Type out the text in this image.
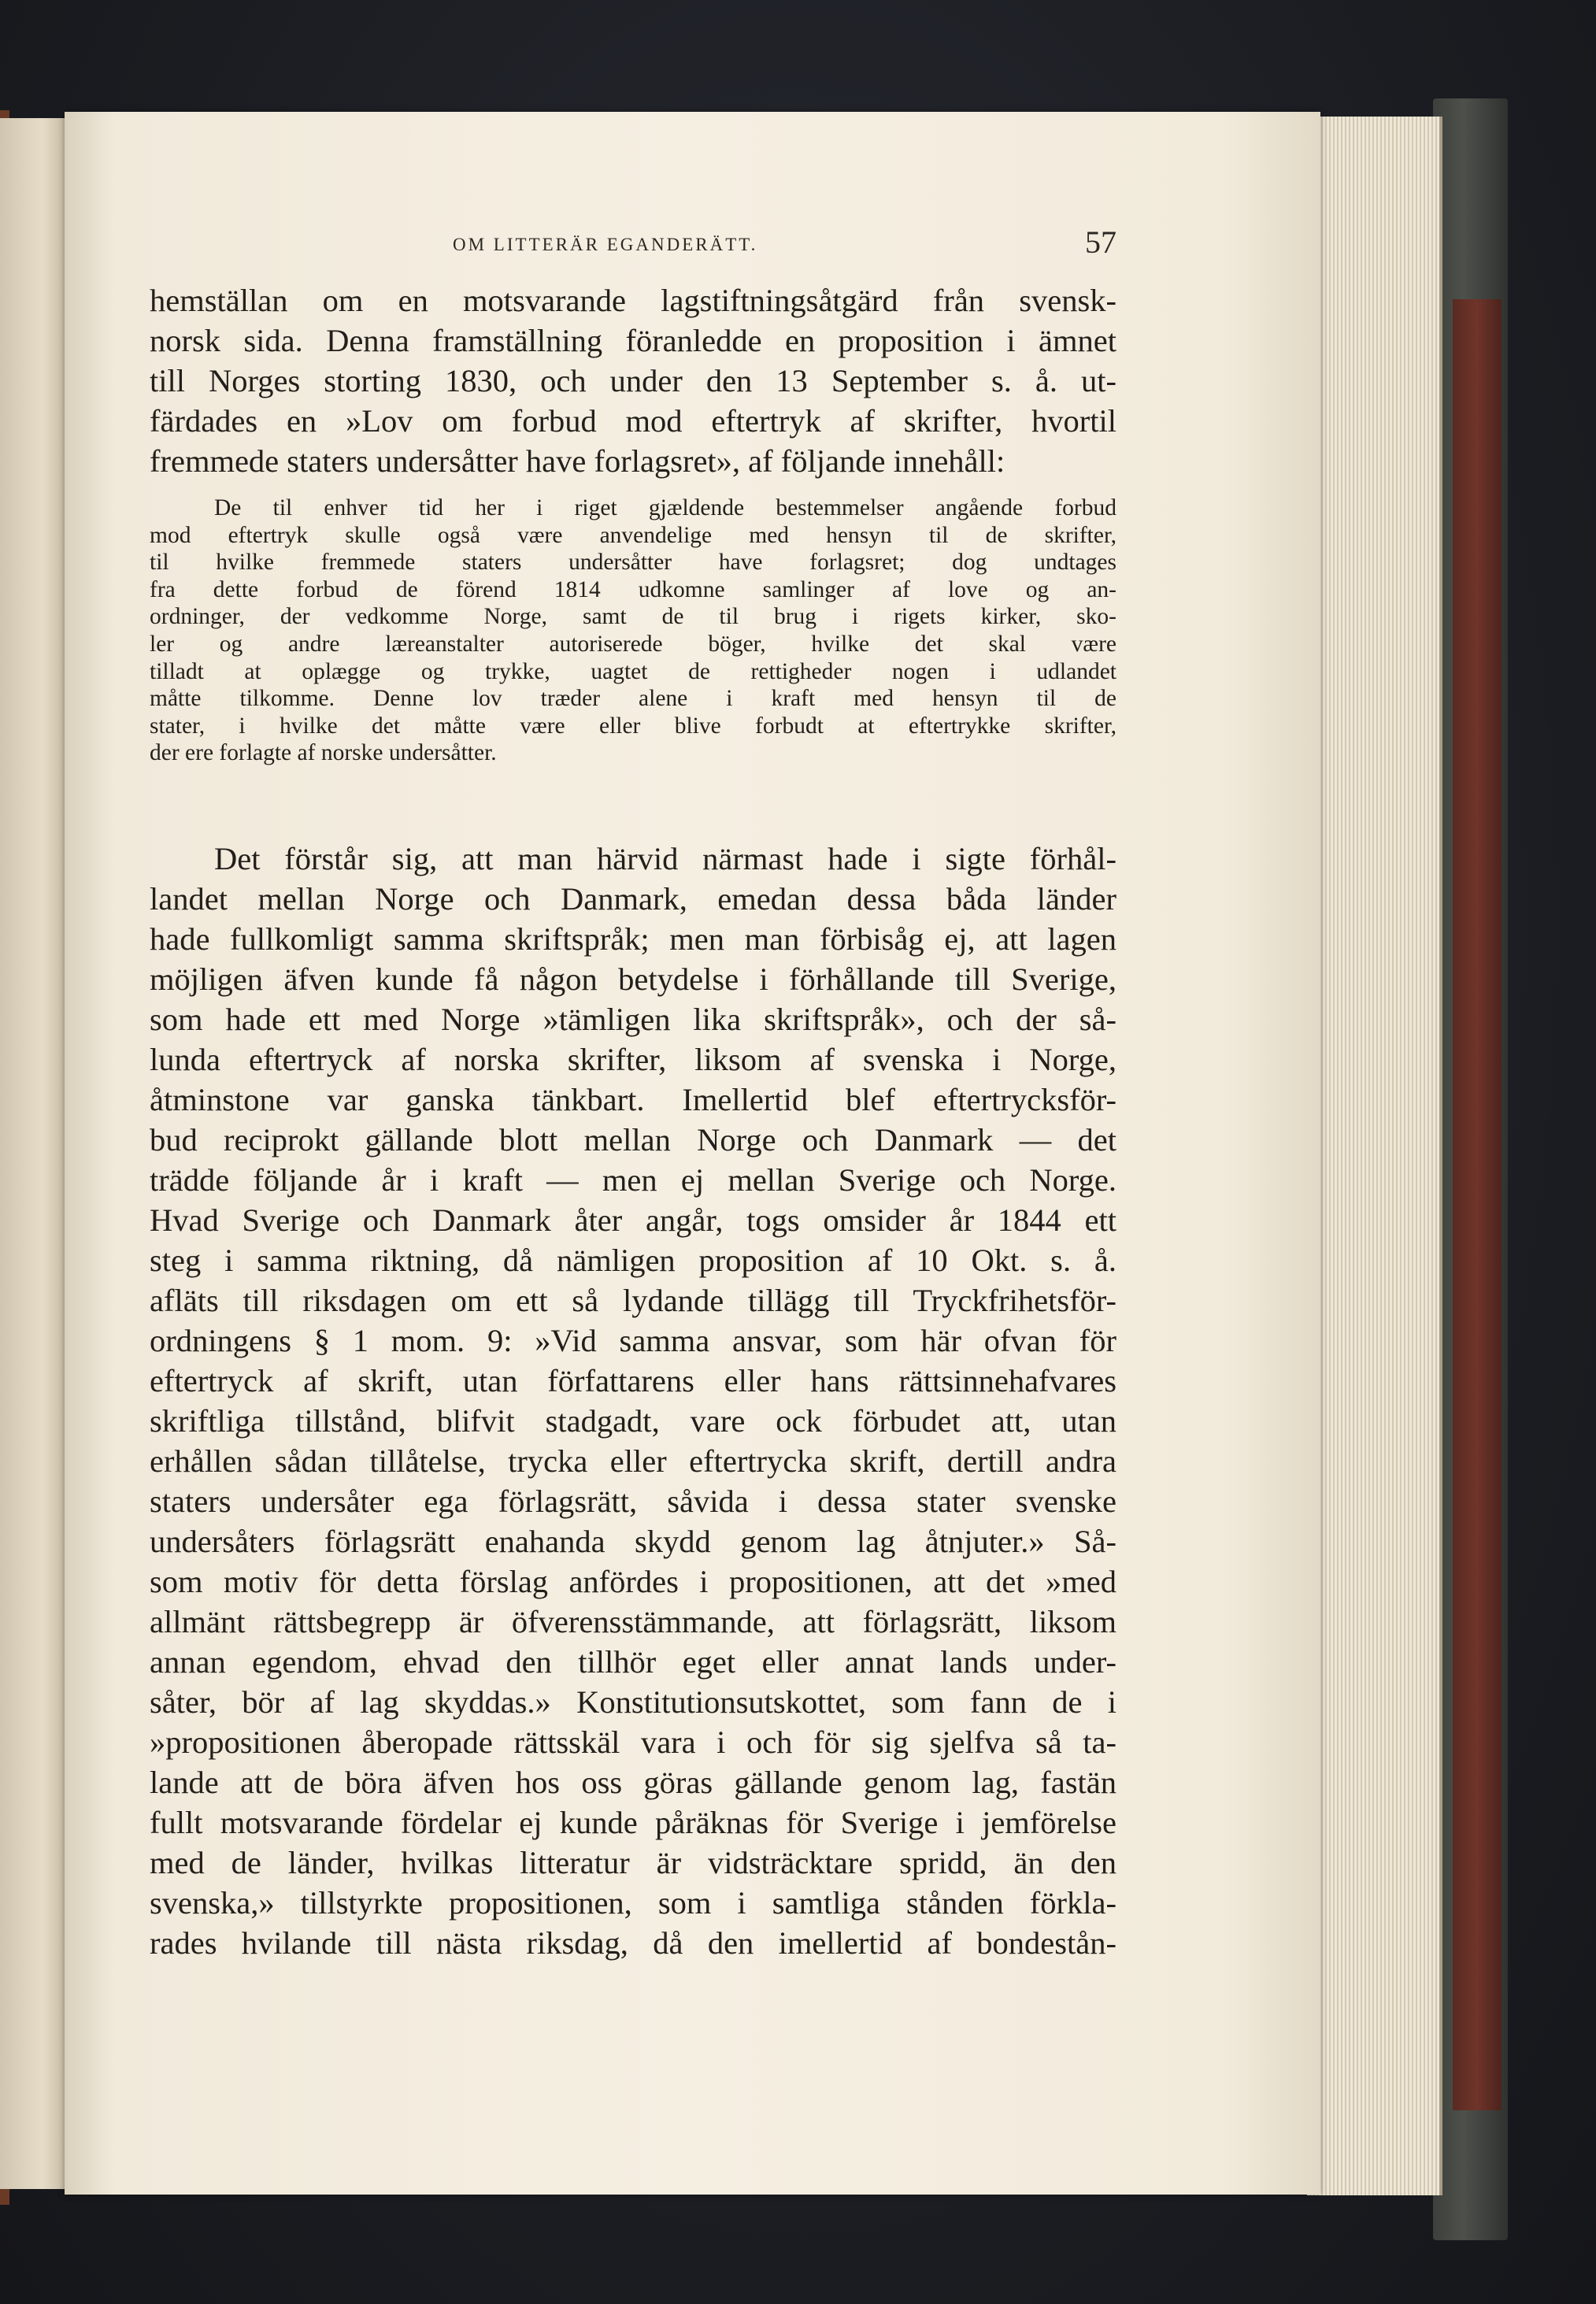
OM LITTERÄR EGANDERÄTT.	57
hemställan om en motsvarande lagstiftningsåtgärd från svensk-
norsk sida. Denna framställning föranledde en proposition i ämnet
till Norges storting 1830, och under den 13 September s. å. ut-
färdades en »Lov om forbud mod eftertryk af skrifter, hvortil
fremmede staters undersåtter have forlagsret», af följande innehåll:
De til enhver tid her i riget gjældende bestemmelser angående forbud
mod eftertryk skulle også være anvendelige med hensyn til de skrifter,
til hvilke fremmede staters undersåtter have forlagsret; dog undtages
fra dette forbud de förend 1814 udkomne samlinger af love og an-
ordninger, der vedkomme Norge, samt de til brug i rigets kirker, sko-
ler og andre læreanstalter autoriserede böger, hvilke det skal være
tilladt at oplægge og trykke, uagtet de rettigheder nogen i udlandet
måtte tilkomme. Denne lov træder alene i kraft med hensyn til de
stater, i hvilke det måtte være eller blive forbudt at eftertrykke skrifter,
der ere forlagte af norske undersåtter.
Det förstår sig, att man härvid närmast hade i sigte förhål-
landet mellan Norge och Danmark, emedan dessa båda länder
hade fullkomligt samma skriftspråk; men man förbisåg ej, att lagen
möjligen äfven kunde få någon betydelse i förhållande till Sverige,
som hade ett med Norge »tämligen lika skriftspråk», och der så-
lunda eftertryck af norska skrifter, liksom af svenska i Norge,
åtminstone var ganska tänkbart. Imellertid blef eftertrycksför-
bud reciprokt gällande blott mellan Norge och Danmark — det
trädde följande år i kraft — men ej mellan Sverige och Norge.
Hvad Sverige och Danmark åter angår, togs omsider år 1844 ett
steg i samma riktning, då nämligen proposition af 10 Okt. s. å.
afläts till riksdagen om ett så lydande tillägg till Tryckfrihetsför-
ordningens § 1 mom. 9: »Vid samma ansvar, som här ofvan för
eftertryck af skrift, utan författarens eller hans rättsinnehafvares
skriftliga tillstånd, blifvit stadgadt, vare ock förbudet att, utan
erhållen sådan tillåtelse, trycka eller eftertrycka skrift, dertill andra
staters undersåter ega förlagsrätt, såvida i dessa stater svenske
undersåters förlagsrätt enahanda skydd genom lag åtnjuter.» Så-
som motiv för detta förslag anfördes i propositionen, att det »med
allmänt rättsbegrepp är öfverensstämmande, att förlagsrätt, liksom
annan egendom, ehvad den tillhör eget eller annat lands under-
såter, bör af lag skyddas.» Konstitutionsutskottet, som fann de i
»propositionen åberopade rättsskäl vara i och för sig sjelfva så ta-
lande att de böra äfven hos oss göras gällande genom lag, fastän
fullt motsvarande fördelar ej kunde påräknas för Sverige i jemförelse
med de länder, hvilkas litteratur är vidsträcktare spridd, än den
svenska,» tillstyrkte propositionen, som i samtliga stånden förkla-
rades hvilande till nästa riksdag, då den imellertid af bondestån-
